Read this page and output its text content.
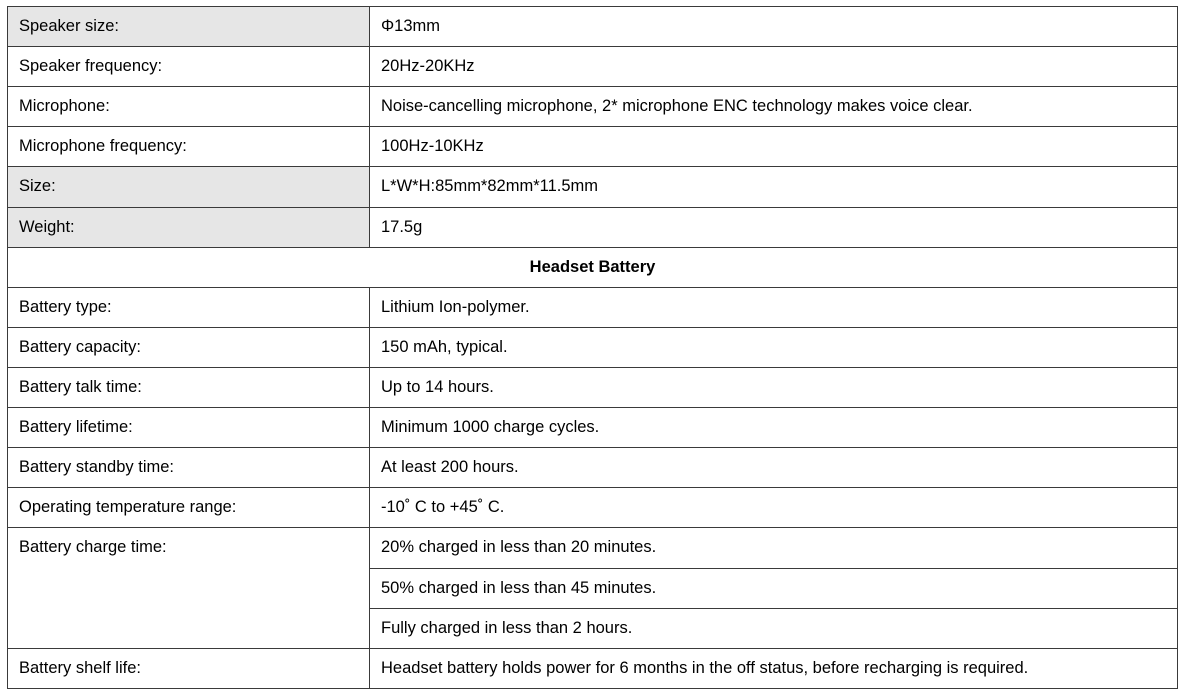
Speaker size:	Φ13mm
Speaker frequency:	20Hz-20KHz
Microphone:	Noise-cancelling microphone, 2* microphone ENC technology makes voice clear.
Microphone frequency:	100Hz-10KHz
Size:	L*W*H:85mm*82mm*11.5mm
Weight:	17.5g
Headset Battery	
Battery type:	Lithium Ion-polymer.
Battery capacity:	150 mAh, typical.
Battery talk time:	Up to 14 hours.
Battery lifetime:	Minimum 1000 charge cycles.
Battery standby time:	At least 200 hours.
Operating temperature range:	-10˚ C to +45˚ C.
Battery charge time:	20% charged in less than 20 minutes.
	50% charged in less than 45 minutes.
	Fully charged in less than 2 hours.
Battery shelf life:	Headset battery holds power for 6 months in the off status, before recharging is required.
